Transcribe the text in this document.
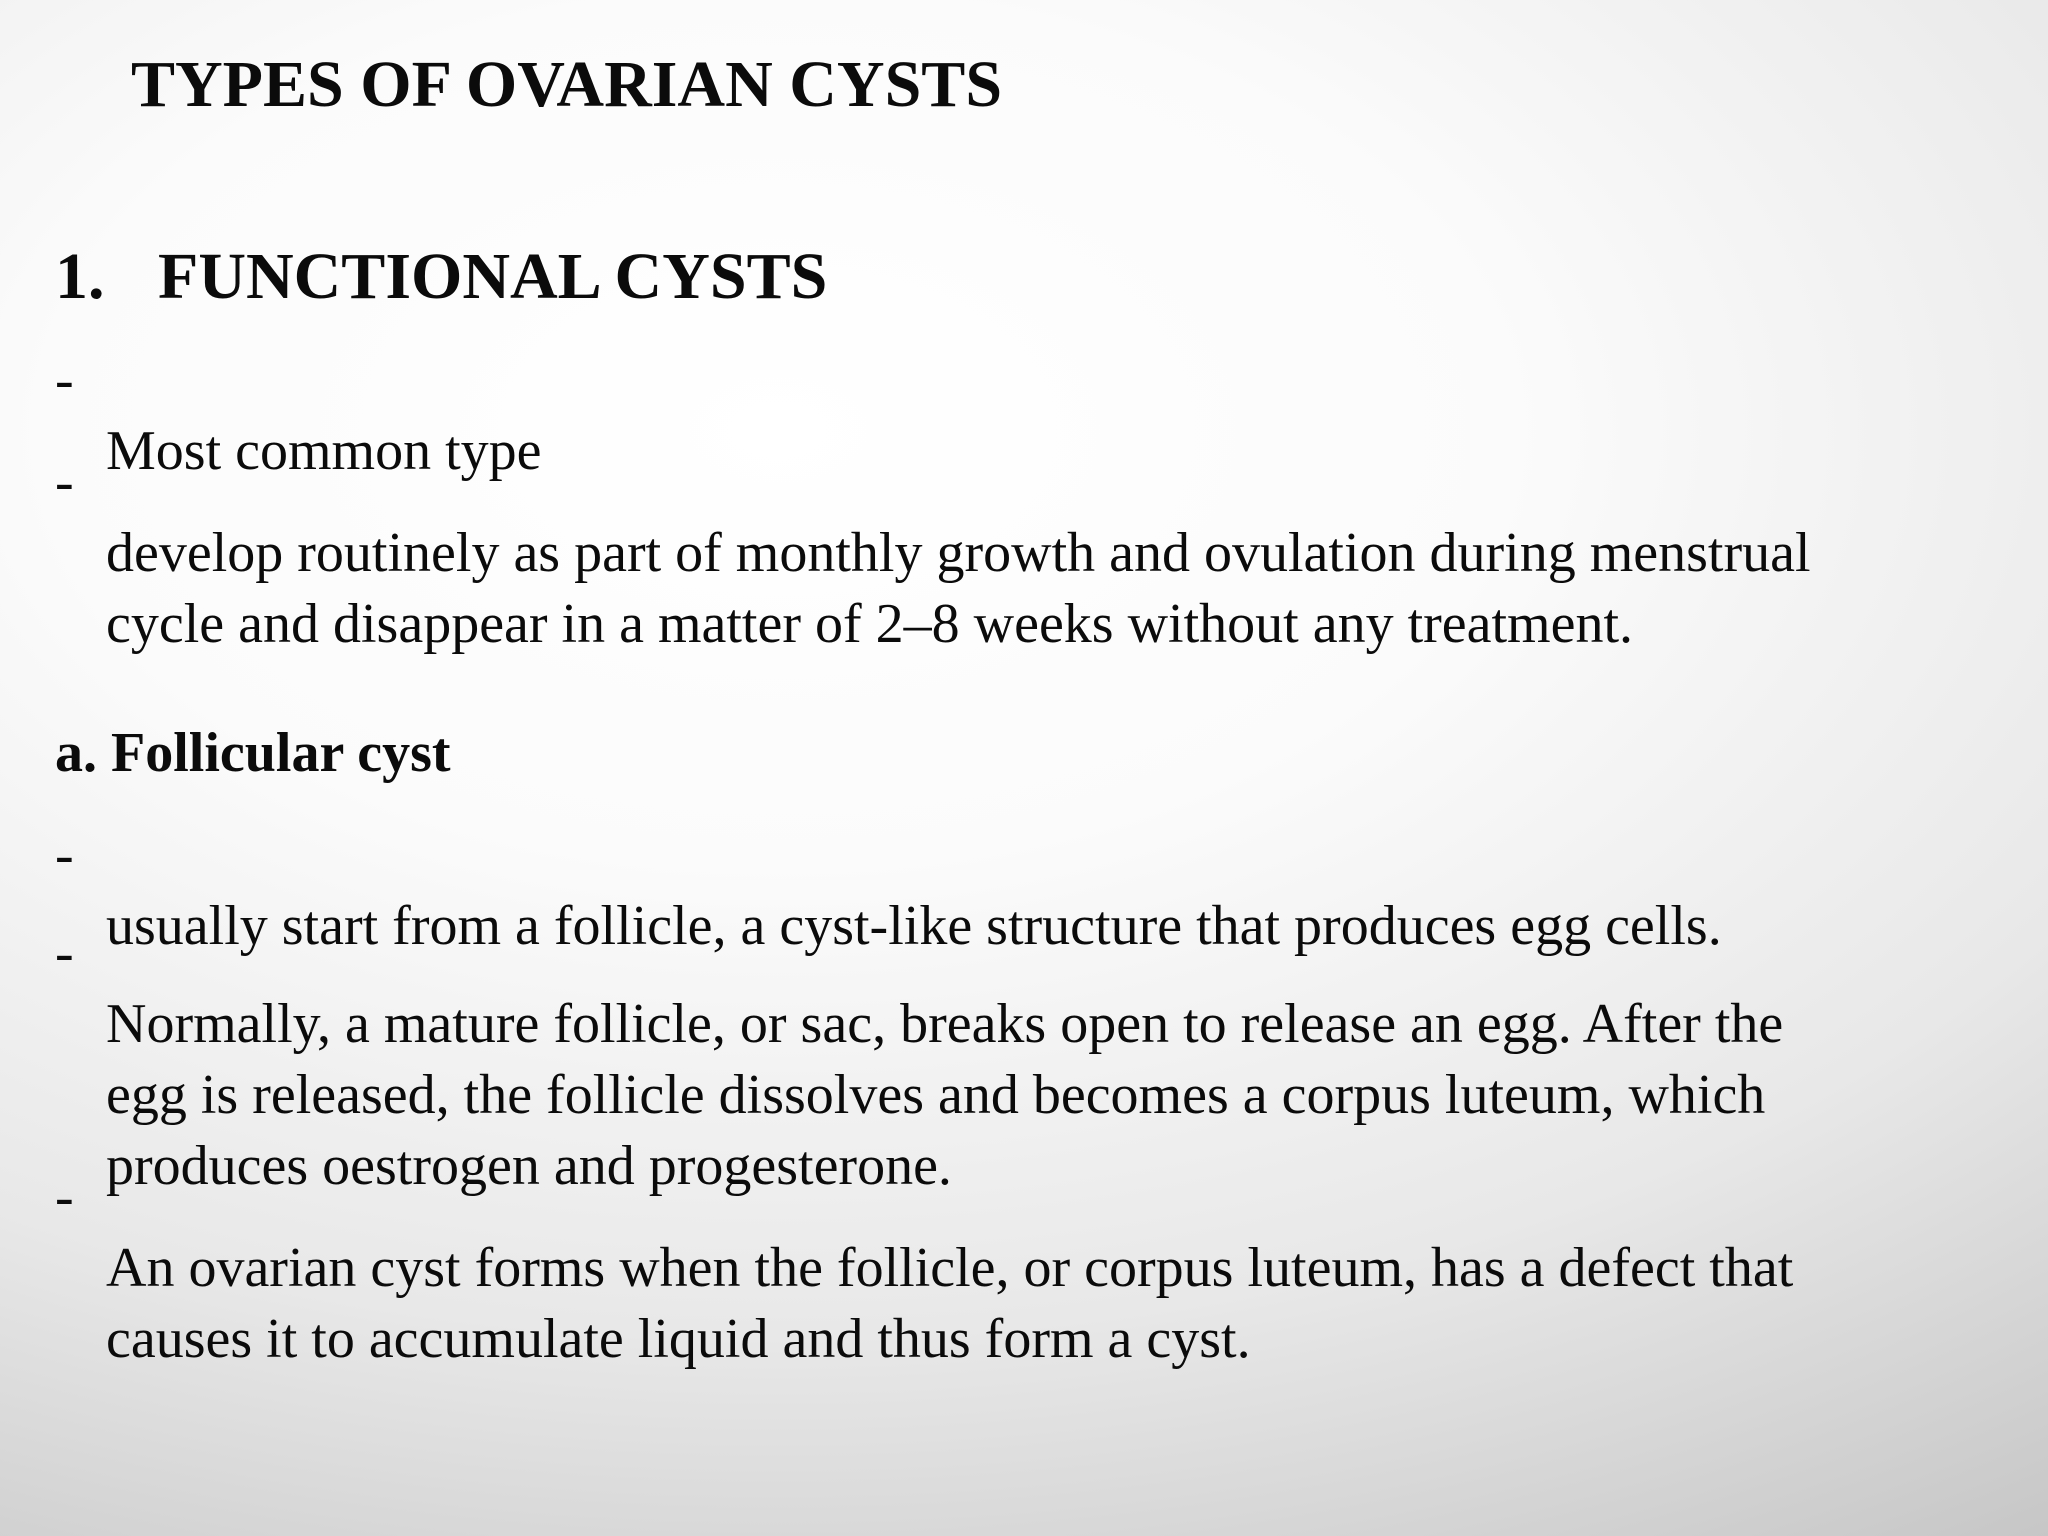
TYPES OF OVARIAN CYSTS
1. FUNCTIONAL CYSTS

-
Most common type

-
develop routinely as part of monthly growth and ovulation during menstrual
cycle and disappear in a matter of 2–8 weeks without any treatment.

a. Follicular cyst

-
usually start from a follicle, a cyst-like structure that produces egg cells.

-
Normally, a mature follicle, or sac, breaks open to release an egg. After the
egg is released, the follicle dissolves and becomes a corpus luteum, which
produces oestrogen and progesterone.

-
An ovarian cyst forms when the follicle, or corpus luteum, has a defect that
causes it to accumulate liquid and thus form a cyst.
